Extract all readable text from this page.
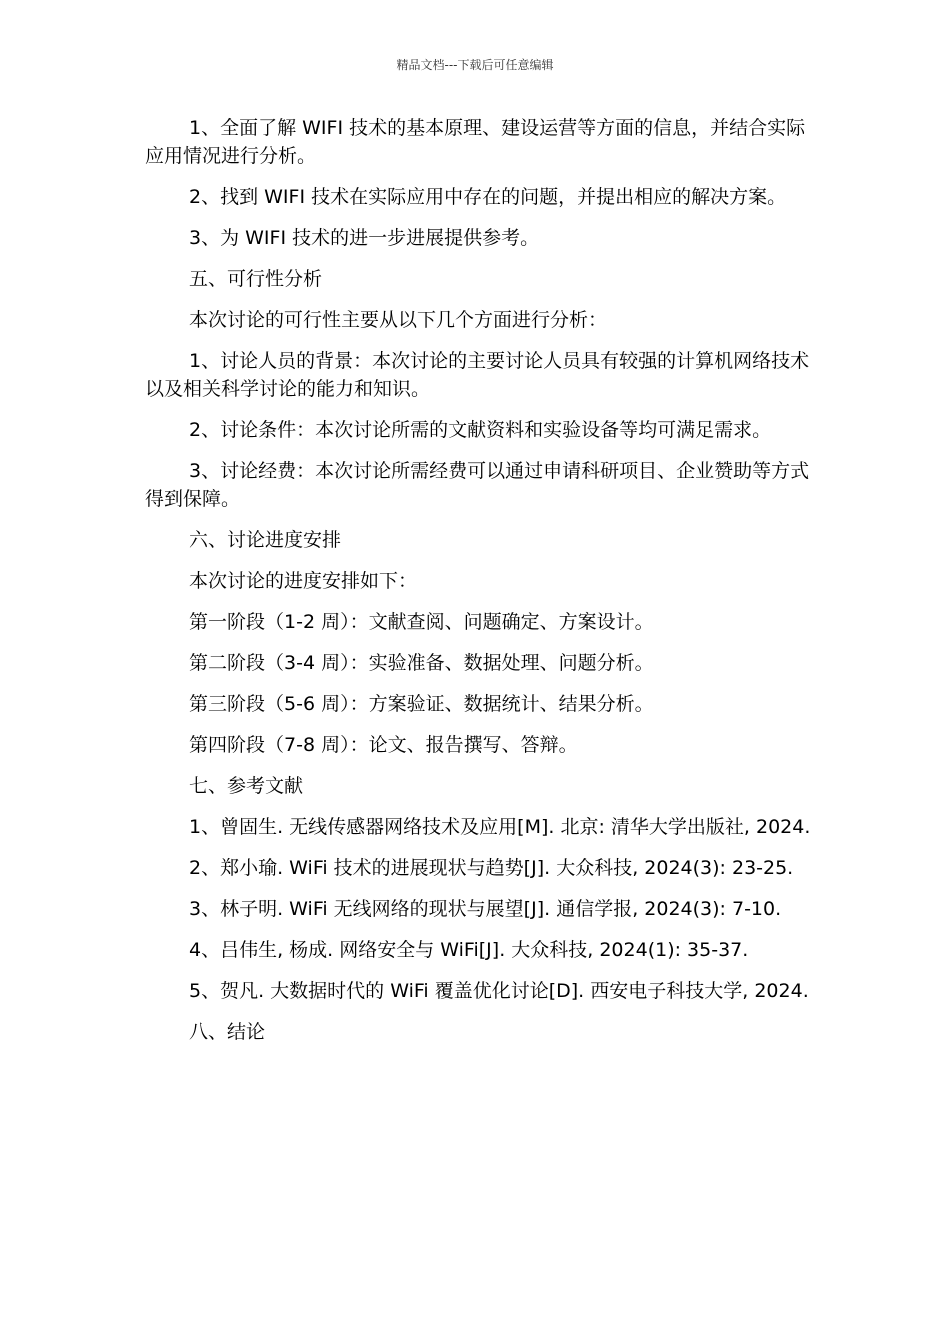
精品文档---下载后可任意编辑

1、全面了解 WIFI 技术的基本原理、建设运营等方面的信息，并结合实际应用情况进行分析。

2、找到 WIFI 技术在实际应用中存在的问题，并提出相应的解决方案。

3、为 WIFI 技术的进一步进展提供参考。

五、可行性分析

本次讨论的可行性主要从以下几个方面进行分析：

1、讨论人员的背景：本次讨论的主要讨论人员具有较强的计算机网络技术以及相关科学讨论的能力和知识。

2、讨论条件：本次讨论所需的文献资料和实验设备等均可满足需求。

3、讨论经费：本次讨论所需经费可以通过申请科研项目、企业赞助等方式得到保障。

六、讨论进度安排

本次讨论的进度安排如下：

第一阶段（1-2 周）：文献查阅、问题确定、方案设计。

第二阶段（3-4 周）：实验准备、数据处理、问题分析。

第三阶段（5-6 周）：方案验证、数据统计、结果分析。

第四阶段（7-8 周）：论文、报告撰写、答辩。

七、参考文献

1、曾固生. 无线传感器网络技术及应用[M]. 北京: 清华大学出版社, 2024.

2、郑小瑜. WiFi 技术的进展现状与趋势[J]. 大众科技, 2024(3): 23-25.

3、林子明. WiFi 无线网络的现状与展望[J]. 通信学报, 2024(3): 7-10.

4、吕伟生, 杨成. 网络安全与 WiFi[J]. 大众科技, 2024(1): 35-37.

5、贺凡. 大数据时代的 WiFi 覆盖优化讨论[D]. 西安电子科技大学, 2024.

八、结论
